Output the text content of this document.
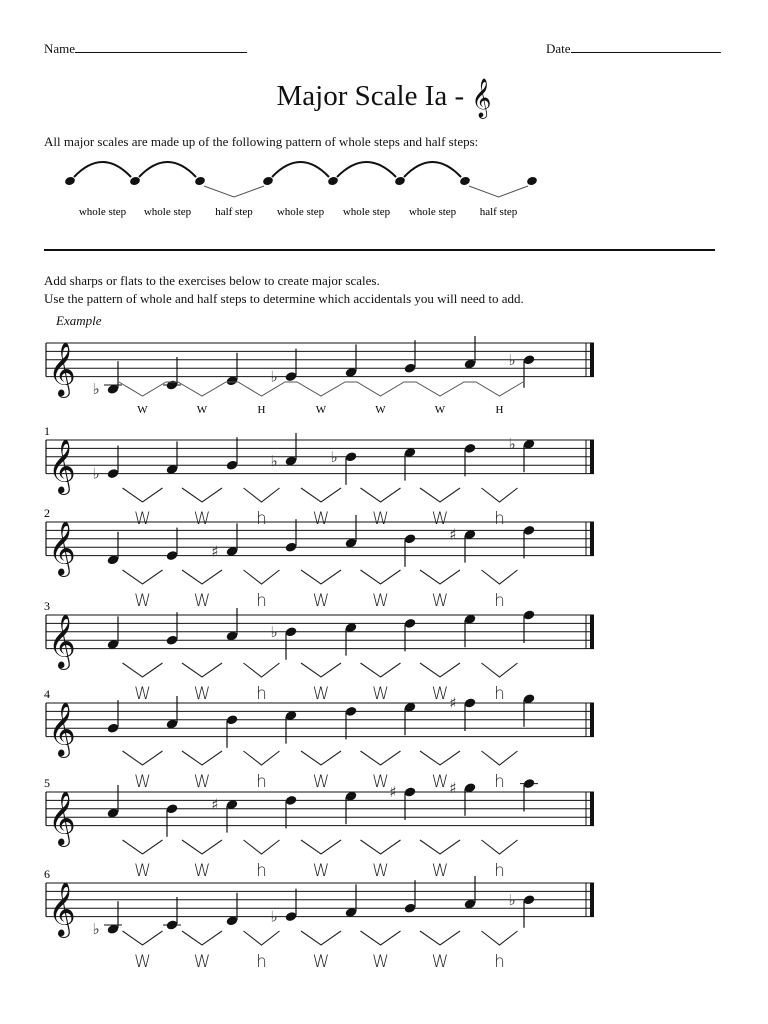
Name	Date
Major Scale Ia - 𝄞
All major scales are made up of the following pattern of whole steps and half steps:
whole step whole step half step whole step whole step whole step half step
Add sharps or flats to the exercises below to create major scales.
Use the pattern of whole and half steps to determine which accidentals you will need to add.
Example
𝄞 ♭
♭
♭
W	W	H	W	W	W	H
1
𝄞 ♭
♭	♭
♭
W	W	h	W	W	W	h
2
𝄞	♯
♯
W	W	h	W	W	W	h
3
𝄞	♭
W	W	h	W	W	W	h
4
𝄞	♯
W	W	h	W	W	W	h
5
𝄞	♯
♯	♯
W	W	h	W	W	W	h
6
𝄞 ♭
♭
♭
W	W	h	W	W	W	h
